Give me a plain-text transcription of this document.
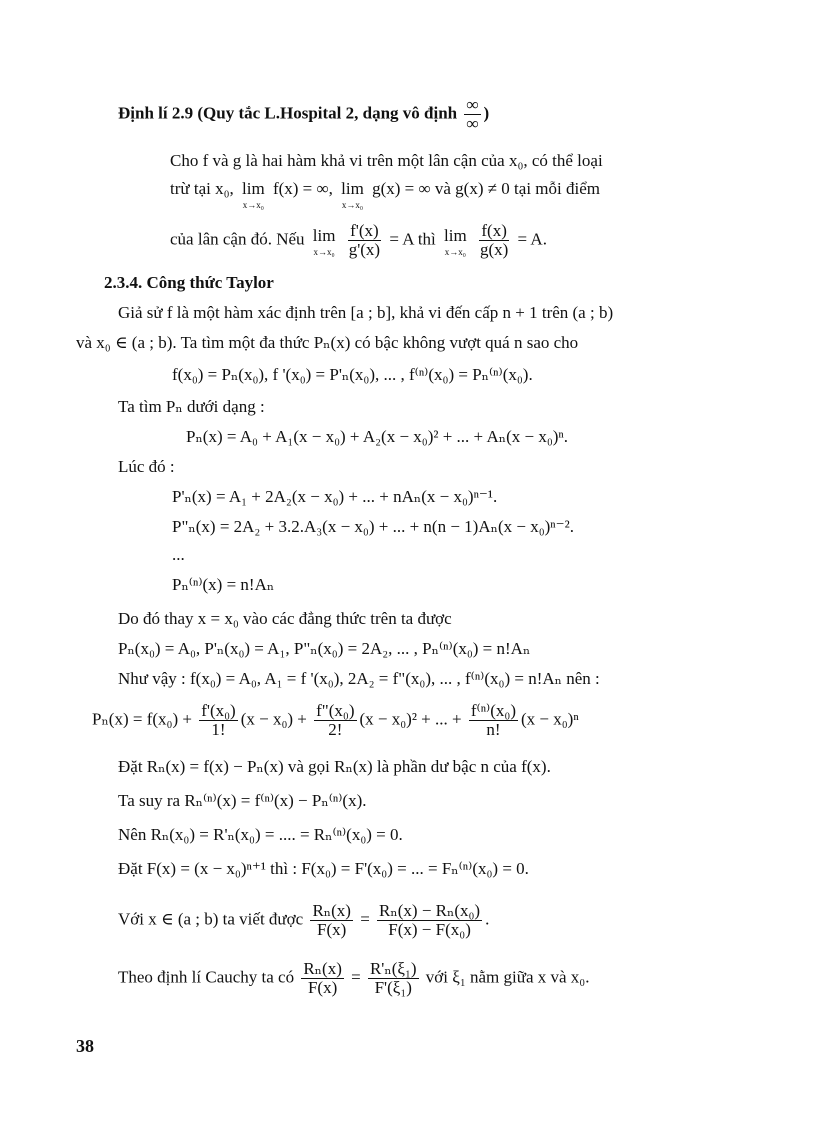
Định lí 2.9 (Quy tắc L.Hospital 2, dạng vô định $\frac{\infty}{\infty}$ )
Cho f và g là hai hàm khả vi trên một lân cận của x₀, có thể loại
trừ tại x₀, lim
x→x₀
f(x) = ∞, lim
x→x₀
g(x) = ∞ và g(x) ≠ 0 tại mỗi điểm
của lân cận đó. Nếu lim
x→x₀
$\frac{f'(x)}{g'(x)} = A$ thì lim
x→x₀
$\frac{f(x)}{g(x)} = A$.
2.3.4. Công thức Taylor
Giả sử f là một hàm xác định trên [a ; b], khả vi đến cấp n + 1 trên (a ; b)
và x₀ ∈ (a ; b). Ta tìm một đa thức Pₙ(x) có bậc không vượt quá n sao cho
f(x₀) = Pₙ(x₀), f '(x₀) = P'ₙ(x₀), ... , f⁽ⁿ⁾(x₀) = Pₙ⁽ⁿ⁾(x₀).
Ta tìm Pₙ dưới dạng :
Pₙ(x) = A₀ + A₁(x − x₀) + A₂(x − x₀)² + ... + Aₙ(x − x₀)ⁿ.
Lúc đó :
P'ₙ(x) = A₁ + 2A₂(x − x₀) + ... + nAₙ(x − x₀)ⁿ⁻¹.
P"ₙ(x) = 2A₂ + 3.2.A₃(x − x₀) + ... + n(n − 1)Aₙ(x − x₀)ⁿ⁻².
...
Pₙ⁽ⁿ⁾(x) = n!Aₙ
Do đó thay x = x₀ vào các đẳng thức trên ta được
Pₙ(x₀) = A₀, P'ₙ(x₀) = A₁, P"ₙ(x₀) = 2A₂, ... , Pₙ⁽ⁿ⁾(x₀) = n!Aₙ
Như vậy : f(x₀) = A₀, A₁ = f '(x₀), 2A₂ = f"(x₀), ... , f⁽ⁿ⁾(x₀) = n!Aₙ nên :
$P_n(x) = f(x_0) + \frac{\text{f'(x₀)}}{1!} (x - x_0) + \frac{\text{f"(x₀)}}{2!} (x - x_0)^2$ + ... + $\frac{\text{f⁽ⁿ⁾(x₀)}}{n!} (x - x_0)^n$
Đặt Rₙ(x) = f(x) − Pₙ(x) và gọi Rₙ(x) là phần dư bậc n của f(x).
Ta suy ra Rₙ⁽ⁿ⁾(x) = f⁽ⁿ⁾(x) − Pₙ⁽ⁿ⁾(x).
Nên Rₙ(x₀) = R'ₙ(x₀) = .... = Rₙ⁽ⁿ⁾(x₀) = 0.
Đặt F(x) = (x − x₀)ⁿ⁺¹ thì : F(x₀) = F'(x₀) = ... = Fₙ⁽ⁿ⁾(x₀) = 0.
Với x ∈ (a ; b) ta viết được $\frac{\text{Rₙ(x)}}{F(x)} = \frac{\text{Rₙ(x) − Rₙ(x₀)}}{\text{F(x) − F(x₀)}}$ .
Theo định lí Cauchy ta có $\frac{\text{Rₙ(x)}}{F(x)} = \frac{\text{R'ₙ(ξ₁)}}{\text{F'(ξ₁)}}$ với ξ₁ nằm giữa x và x₀.
38
